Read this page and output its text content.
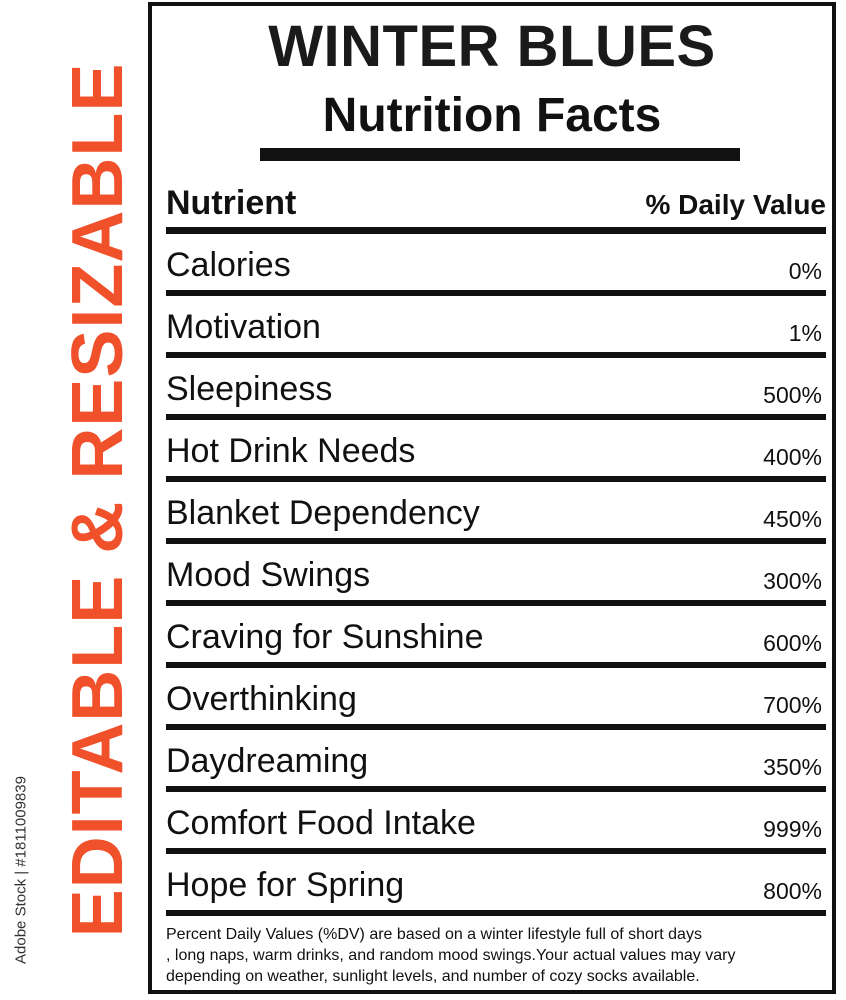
Adobe Stock | #1811009839 EDITABLE & RESIZABLE
WINTER BLUES
Nutrition Facts
Nutrient	% Daily Value
Calories	0%
Motivation	1%
Sleepiness	500%
Hot Drink Needs	400%
Blanket Dependency	450%
Mood Swings	300%
Craving for Sunshine	600%
Overthinking	700%
Daydreaming	350%
Comfort Food Intake	999%
Hope for Spring	800%
Percent Daily Values (%DV) are based on a winter lifestyle full of short days
, long naps, warm drinks, and random mood swings.Your actual values may vary
depending on weather, sunlight levels, and number of cozy socks available.
